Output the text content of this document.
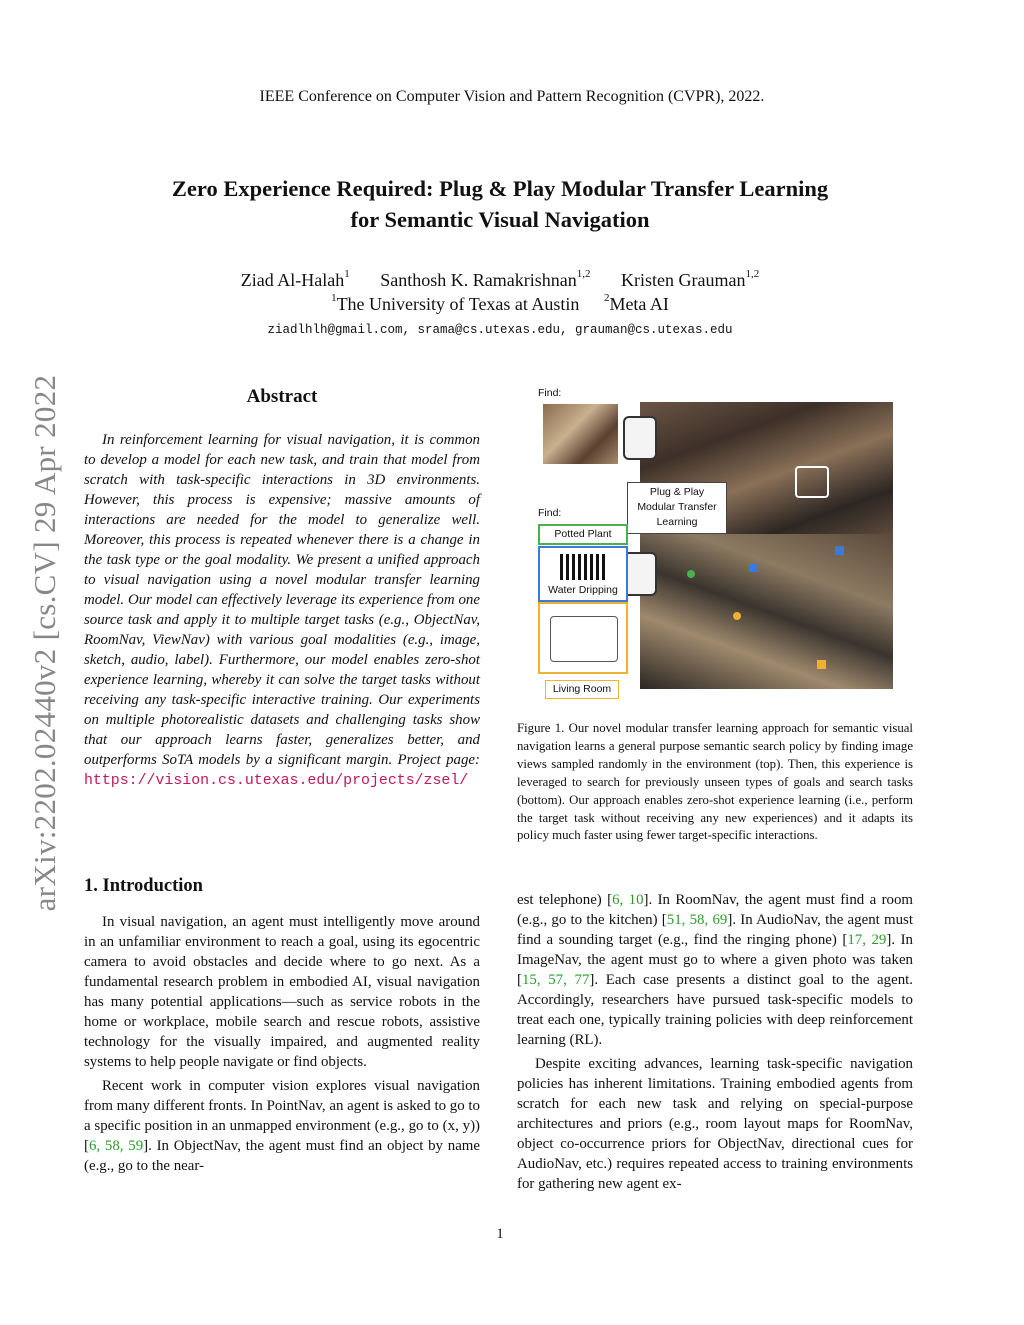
IEEE Conference on Computer Vision and Pattern Recognition (CVPR), 2022.
Zero Experience Required: Plug & Play Modular Transfer Learning
for Semantic Visual Navigation
Ziad Al-Halah$^1$ Santhosh K. Ramakrishnan$^{1,2}$ Kristen Grauman$^{1,2}$
$^1$The University of Texas at Austin $^2$Meta AI
ziadlhlh@gmail.com, srama@cs.utexas.edu, grauman@cs.utexas.edu
arXiv:2202.02440v2 [cs.CV] 29 Apr 2022	Abstract
In reinforcement learning for visual navigation, it is common to develop a model for each new task, and train that model from scratch with task-specific interactions in 3D environments. However, this process is expensive; massive amounts of interactions are needed for the model to generalize well. Moreover, this process is repeated whenever there is a change in the task type or the goal modality. We present a unified approach to visual navigation using a novel modular transfer learning model. Our model can effectively leverage its experience from one source task and apply it to multiple target tasks (e.g., ObjectNav, RoomNav, ViewNav) with various goal modalities (e.g., image, sketch, audio, label). Furthermore, our model enables zero-shot experience learning, whereby it can solve the target tasks without receiving any task-specific interactive training. Our experiments on multiple photorealistic datasets and challenging tasks show that our approach learns faster, generalizes better, and outperforms SoTA models by a significant margin. Project page: https://vision.cs.utexas.edu/projects/zsel/
1. Introduction

In visual navigation, an agent must intelligently move around in an unfamiliar environment to reach a goal, using its egocentric camera to avoid obstacles and decide where to go next. As a fundamental research problem in embodied AI, visual navigation has many potential applications—such as service robots in the home or workplace, mobile search and rescue robots, assistive technology for the visually impaired, and augmented reality systems to help people navigate or find objects.

Recent work in computer vision explores visual navigation from many different fronts. In PointNav, an agent is asked to go to a specific position in an unmapped environment (e.g., go to (x, y)) [6, 58, 59]. In ObjectNav, the agent must find an object by name (e.g., go to the near-

Find:
Plug & Play
Modular Transfer
Learning
Find:
Potted Plant
Water Dripping
Living Room
Figure 1. Our novel modular transfer learning approach for semantic visual navigation learns a general purpose semantic search policy by finding image views sampled randomly in the environment (top). Then, this experience is leveraged to search for previously unseen types of goals and search tasks (bottom). Our approach enables zero-shot experience learning (i.e., perform the target task without receiving any new experiences) and it adapts its policy much faster using fewer target-specific interactions.

est telephone) [6, 10]. In RoomNav, the agent must find a room (e.g., go to the kitchen) [51, 58, 69]. In AudioNav, the agent must find a sounding target (e.g., find the ringing phone) [17, 29]. In ImageNav, the agent must go to where a given photo was taken [15, 57, 77]. Each case presents a distinct goal to the agent. Accordingly, researchers have pursued task-specific models to treat each one, typically training policies with deep reinforcement learning (RL).

Despite exciting advances, learning task-specific navigation policies has inherent limitations. Training embodied agents from scratch for each new task and relying on special-purpose architectures and priors (e.g., room layout maps for RoomNav, object co-occurrence priors for ObjectNav, directional cues for AudioNav, etc.) requires repeated access to training environments for gathering new agent ex-

1
